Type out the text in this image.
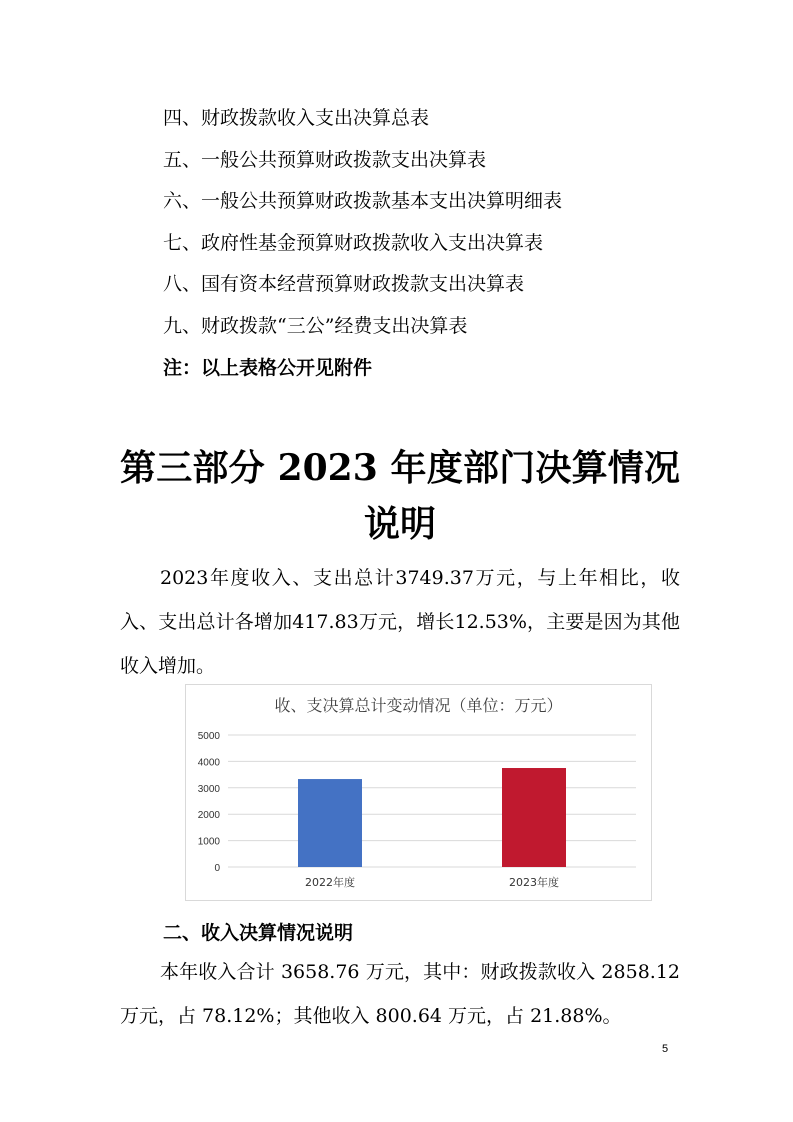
四、财政拨款收入支出决算总表
五、一般公共预算财政拨款支出决算表
六、一般公共预算财政拨款基本支出决算明细表
七、政府性基金预算财政拨款收入支出决算表
八、国有资本经营预算财政拨款支出决算表
九、财政拨款“三公”经费支出决算表
注：以上表格公开见附件
第三部分 2023 年度部门决算情况说明

2023年度收入、支出总计3749.37万元，与上年相比，收入、支出总计各增加417.83万元，增长12.53%，主要是因为其他收入增加。

收、支决算总计变动情况（单位：万元）
0
1000
2000
3000
4000
5000
2022年度	2023年度
二、收入决算情况说明

本年收入合计 3658.76 万元，其中：财政拨款收入 2858.12 万元，占 78.12%；其他收入 800.64 万元，占 21.88%。

5
